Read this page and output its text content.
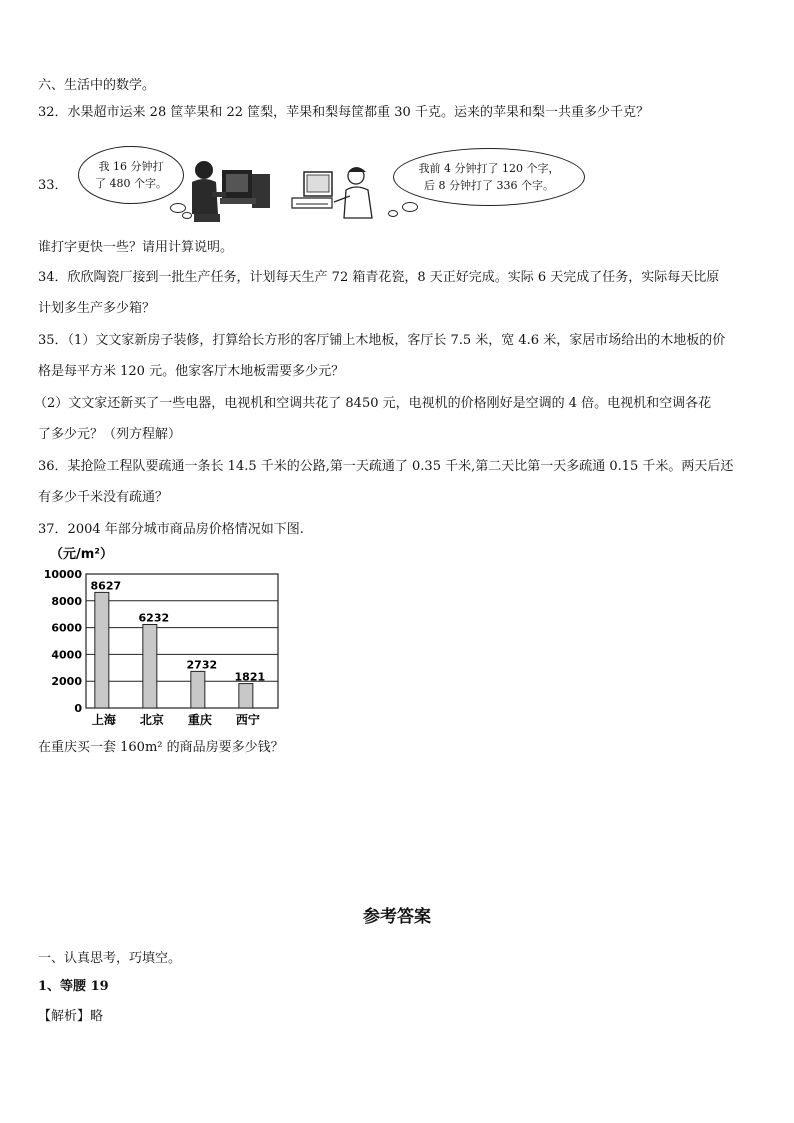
六、生活中的数学。
32．水果超市运来 28 筐苹果和 22 筐梨，苹果和梨每筐都重 30 千克。运来的苹果和梨一共重多少千克？
33．
我 16 分钟打
了 480 个字。
我前 4 分钟打了 120 个字，
后 8 分钟打了 336 个字。
谁打字更快一些？请用计算说明。
34．欣欣陶瓷厂接到一批生产任务，计划每天生产 72 箱青花瓷，8 天正好完成。实际 6 天完成了任务，实际每天比原
计划多生产多少箱？
35．（1）文文家新房子装修，打算给长方形的客厅铺上木地板，客厅长 7.5 米，宽 4.6 米，家居市场给出的木地板的价
格是每平方米 120 元。他家客厅木地板需要多少元？
（2）文文家还新买了一些电器，电视机和空调共花了 8450 元，电视机的价格刚好是空调的 4 倍。电视机和空调各花
了多少元？（列方程解）
36．某抢险工程队要疏通一条长 14.5 千米的公路,第一天疏通了 0.35 千米,第二天比第一天多疏通 0.15 千米。两天后还
有多少千米没有疏通？
37．2004 年部分城市商品房价格情况如下图.
（元/m²）
0
2000
4000
6000
8000
10000
8627
上海
6232
北京
2732
重庆
1821
西宁
在重庆买一套 160m² 的商品房要多少钱？
参考答案
一、认真思考，巧填空。
1、等腰 19
【解析】略
